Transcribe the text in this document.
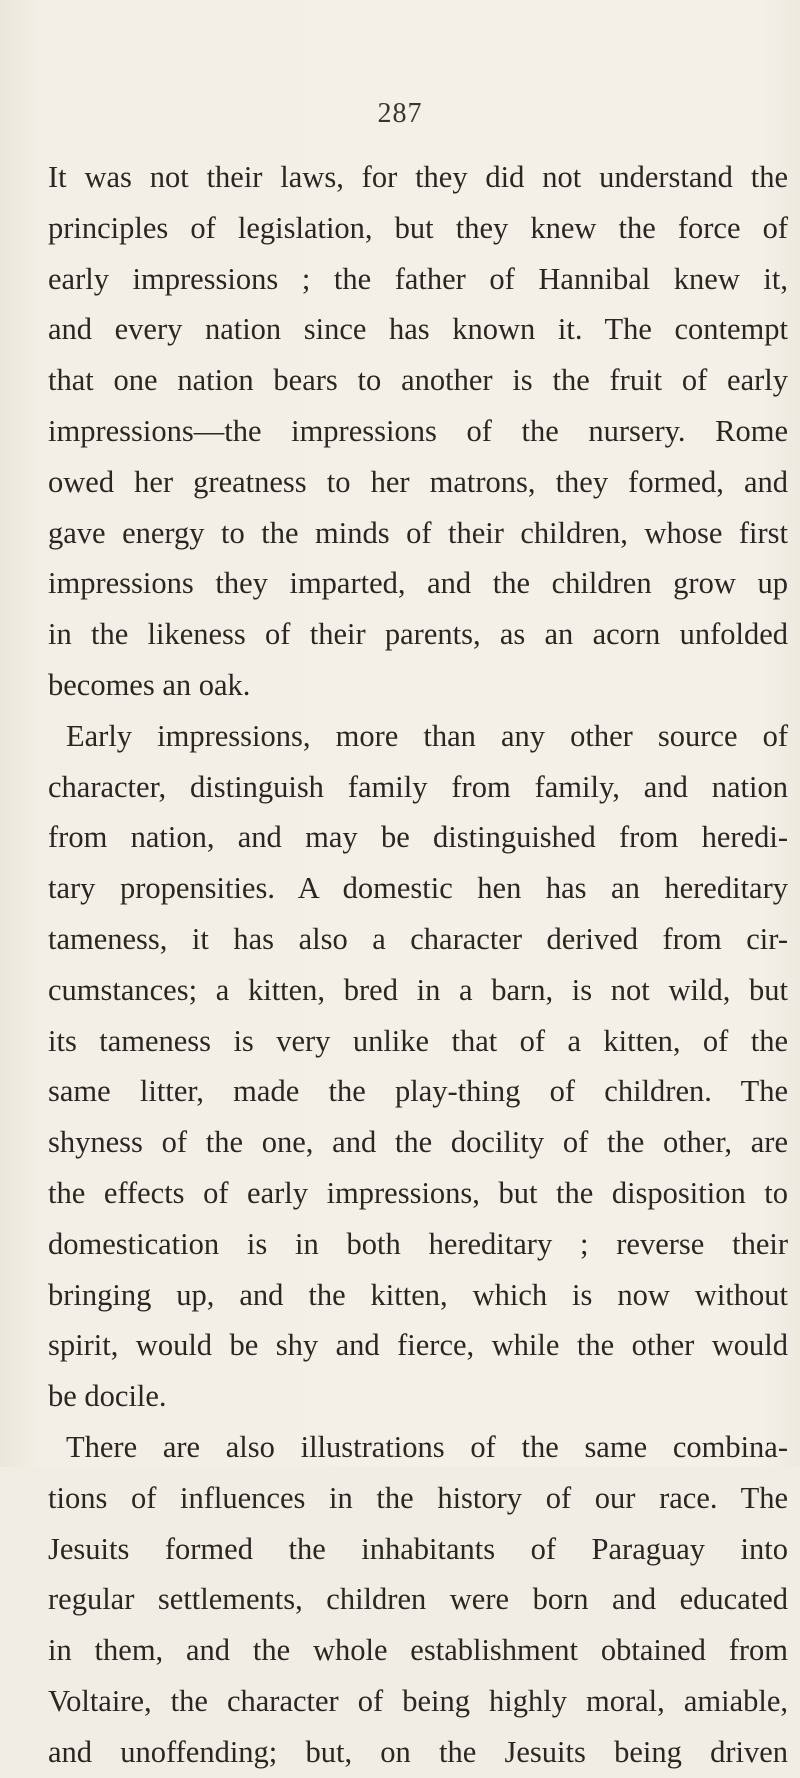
287
It was not their laws, for they did not understand the
principles of legislation, but they knew the force of
early impressions ; the father of Hannibal knew it,
and every nation since has known it. The contempt
that one nation bears to another is the fruit of early
impressions—the impressions of the nursery. Rome
owed her greatness to her matrons, they formed, and
gave energy to the minds of their children, whose first
impressions they imparted, and the children grow up
in the likeness of their parents, as an acorn unfolded
becomes an oak.
Early impressions, more than any other source of
character, distinguish family from family, and nation
from nation, and may be distinguished from heredi-
tary propensities. A domestic hen has an hereditary
tameness, it has also a character derived from cir-
cumstances; a kitten, bred in a barn, is not wild, but
its tameness is very unlike that of a kitten, of the
same litter, made the play-thing of children. The
shyness of the one, and the docility of the other, are
the effects of early impressions, but the disposition to
domestication is in both hereditary ; reverse their
bringing up, and the kitten, which is now without
spirit, would be shy and fierce, while the other would
be docile.
There are also illustrations of the same combina-
tions of influences in the history of our race. The
Jesuits formed the inhabitants of Paraguay into
regular settlements, children were born and educated
in them, and the whole establishment obtained from
Voltaire, the character of being highly moral, amiable,
and unoffending; but, on the Jesuits being driven
